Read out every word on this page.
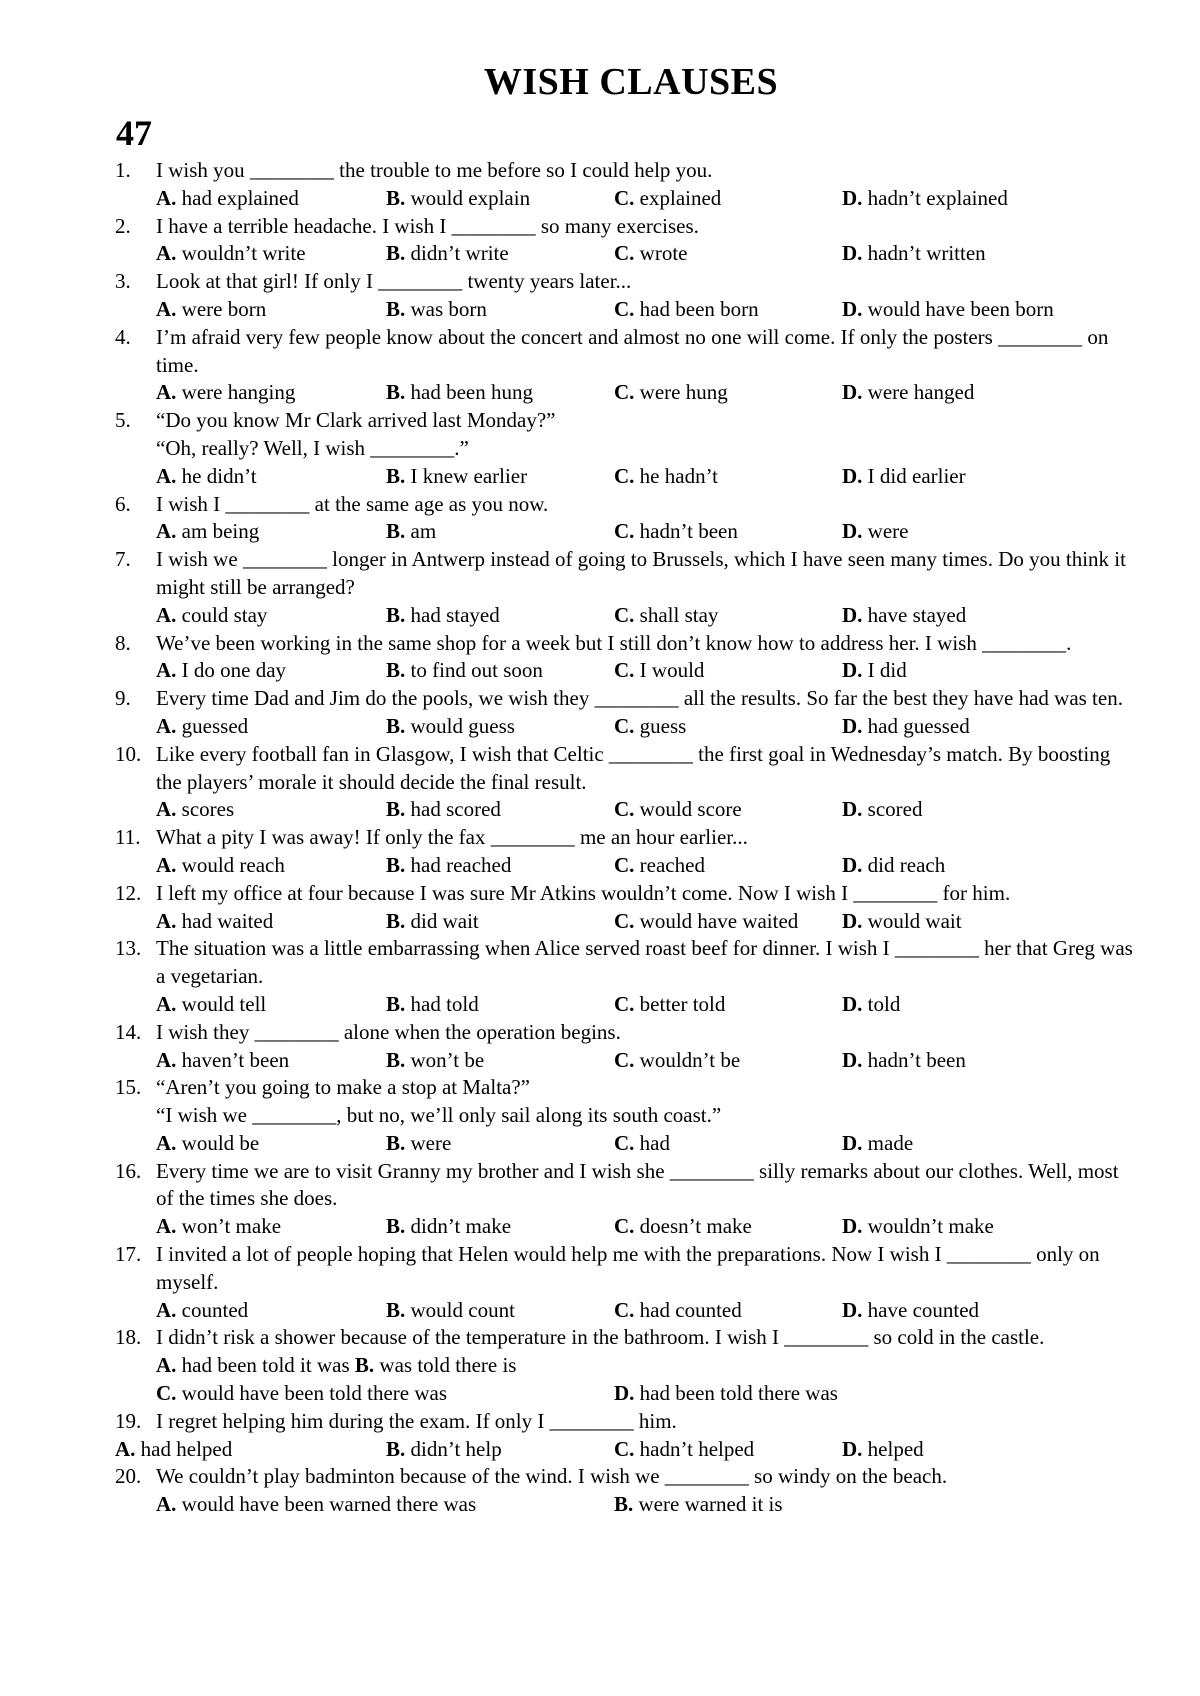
WISH CLAUSES
47
1. I wish you ________ the trouble to me before so I could help you.
A. had explained	B. would explain	C. explained	D. hadn’t explained
2. I have a terrible headache. I wish I ________ so many exercises.
A. wouldn’t write	B. didn’t write	C. wrote	D. hadn’t written
3. Look at that girl! If only I ________ twenty years later...
A. were born	B. was born	C. had been born	D. would have been born
4. I’m afraid very few people know about the concert and almost no one will come. If only the posters ________ on time.
A. were hanging	B. had been hung	C. were hung	D. were hanged
5. “Do you know Mr Clark arrived last Monday?”
“Oh, really? Well, I wish ________.”
A. he didn’t	B. I knew earlier	C. he hadn’t	D. I did earlier
6. I wish I ________ at the same age as you now.
A. am being	B. am	C. hadn’t been	D. were
7. I wish we ________ longer in Antwerp instead of going to Brussels, which I have seen many times. Do you think it might still be arranged?
A. could stay	B. had stayed	C. shall stay	D. have stayed
8. We’ve been working in the same shop for a week but I still don’t know how to address her. I wish ________.
A. I do one day	B. to find out soon	C. I would	D. I did
9. Every time Dad and Jim do the pools, we wish they ________ all the results. So far the best they have had was ten.
A. guessed	B. would guess	C. guess	D. had guessed
10. Like every football fan in Glasgow, I wish that Celtic ________ the first goal in Wednesday’s match. By boosting the players’ morale it should decide the final result.
A. scores	B. had scored	C. would score	D. scored
11. What a pity I was away! If only the fax ________ me an hour earlier...
A. would reach	B. had reached	C. reached	D. did reach
12. I left my office at four because I was sure Mr Atkins wouldn’t come. Now I wish I ________ for him.
A. had waited	B. did wait	C. would have waited D. would wait
13. The situation was a little embarrassing when Alice served roast beef for dinner. I wish I ________ her that Greg was a vegetarian.
A. would tell	B. had told	C. better told	D. told
14. I wish they ________ alone when the operation begins.
A. haven’t been	B. won’t be	C. wouldn’t be	D. hadn’t been
15. “Aren’t you going to make a stop at Malta?”
“I wish we ________, but no, we’ll only sail along its south coast.”
A. would be	B. were	C. had	D. made
16. Every time we are to visit Granny my brother and I wish she ________ silly remarks about our clothes. Well, most of the times she does.
A. won’t make	B. didn’t make	C. doesn’t make	D. wouldn’t make
17. I invited a lot of people hoping that Helen would help me with the preparations. Now I wish I ________ only on myself.
A. counted	B. would count	C. had counted	D. have counted
18. I didn’t risk a shower because of the temperature in the bathroom. I wish I ________ so cold in the castle.
A. had been told it was B. was told there is
C. would have been told there was	D. had been told there was
19. I regret helping him during the exam. If only I ________ him.
A. had helped	B. didn’t help	C. hadn’t helped	D. helped
20. We couldn’t play badminton because of the wind. I wish we ________ so windy on the beach.
A. would have been warned there was	B. were warned it is
